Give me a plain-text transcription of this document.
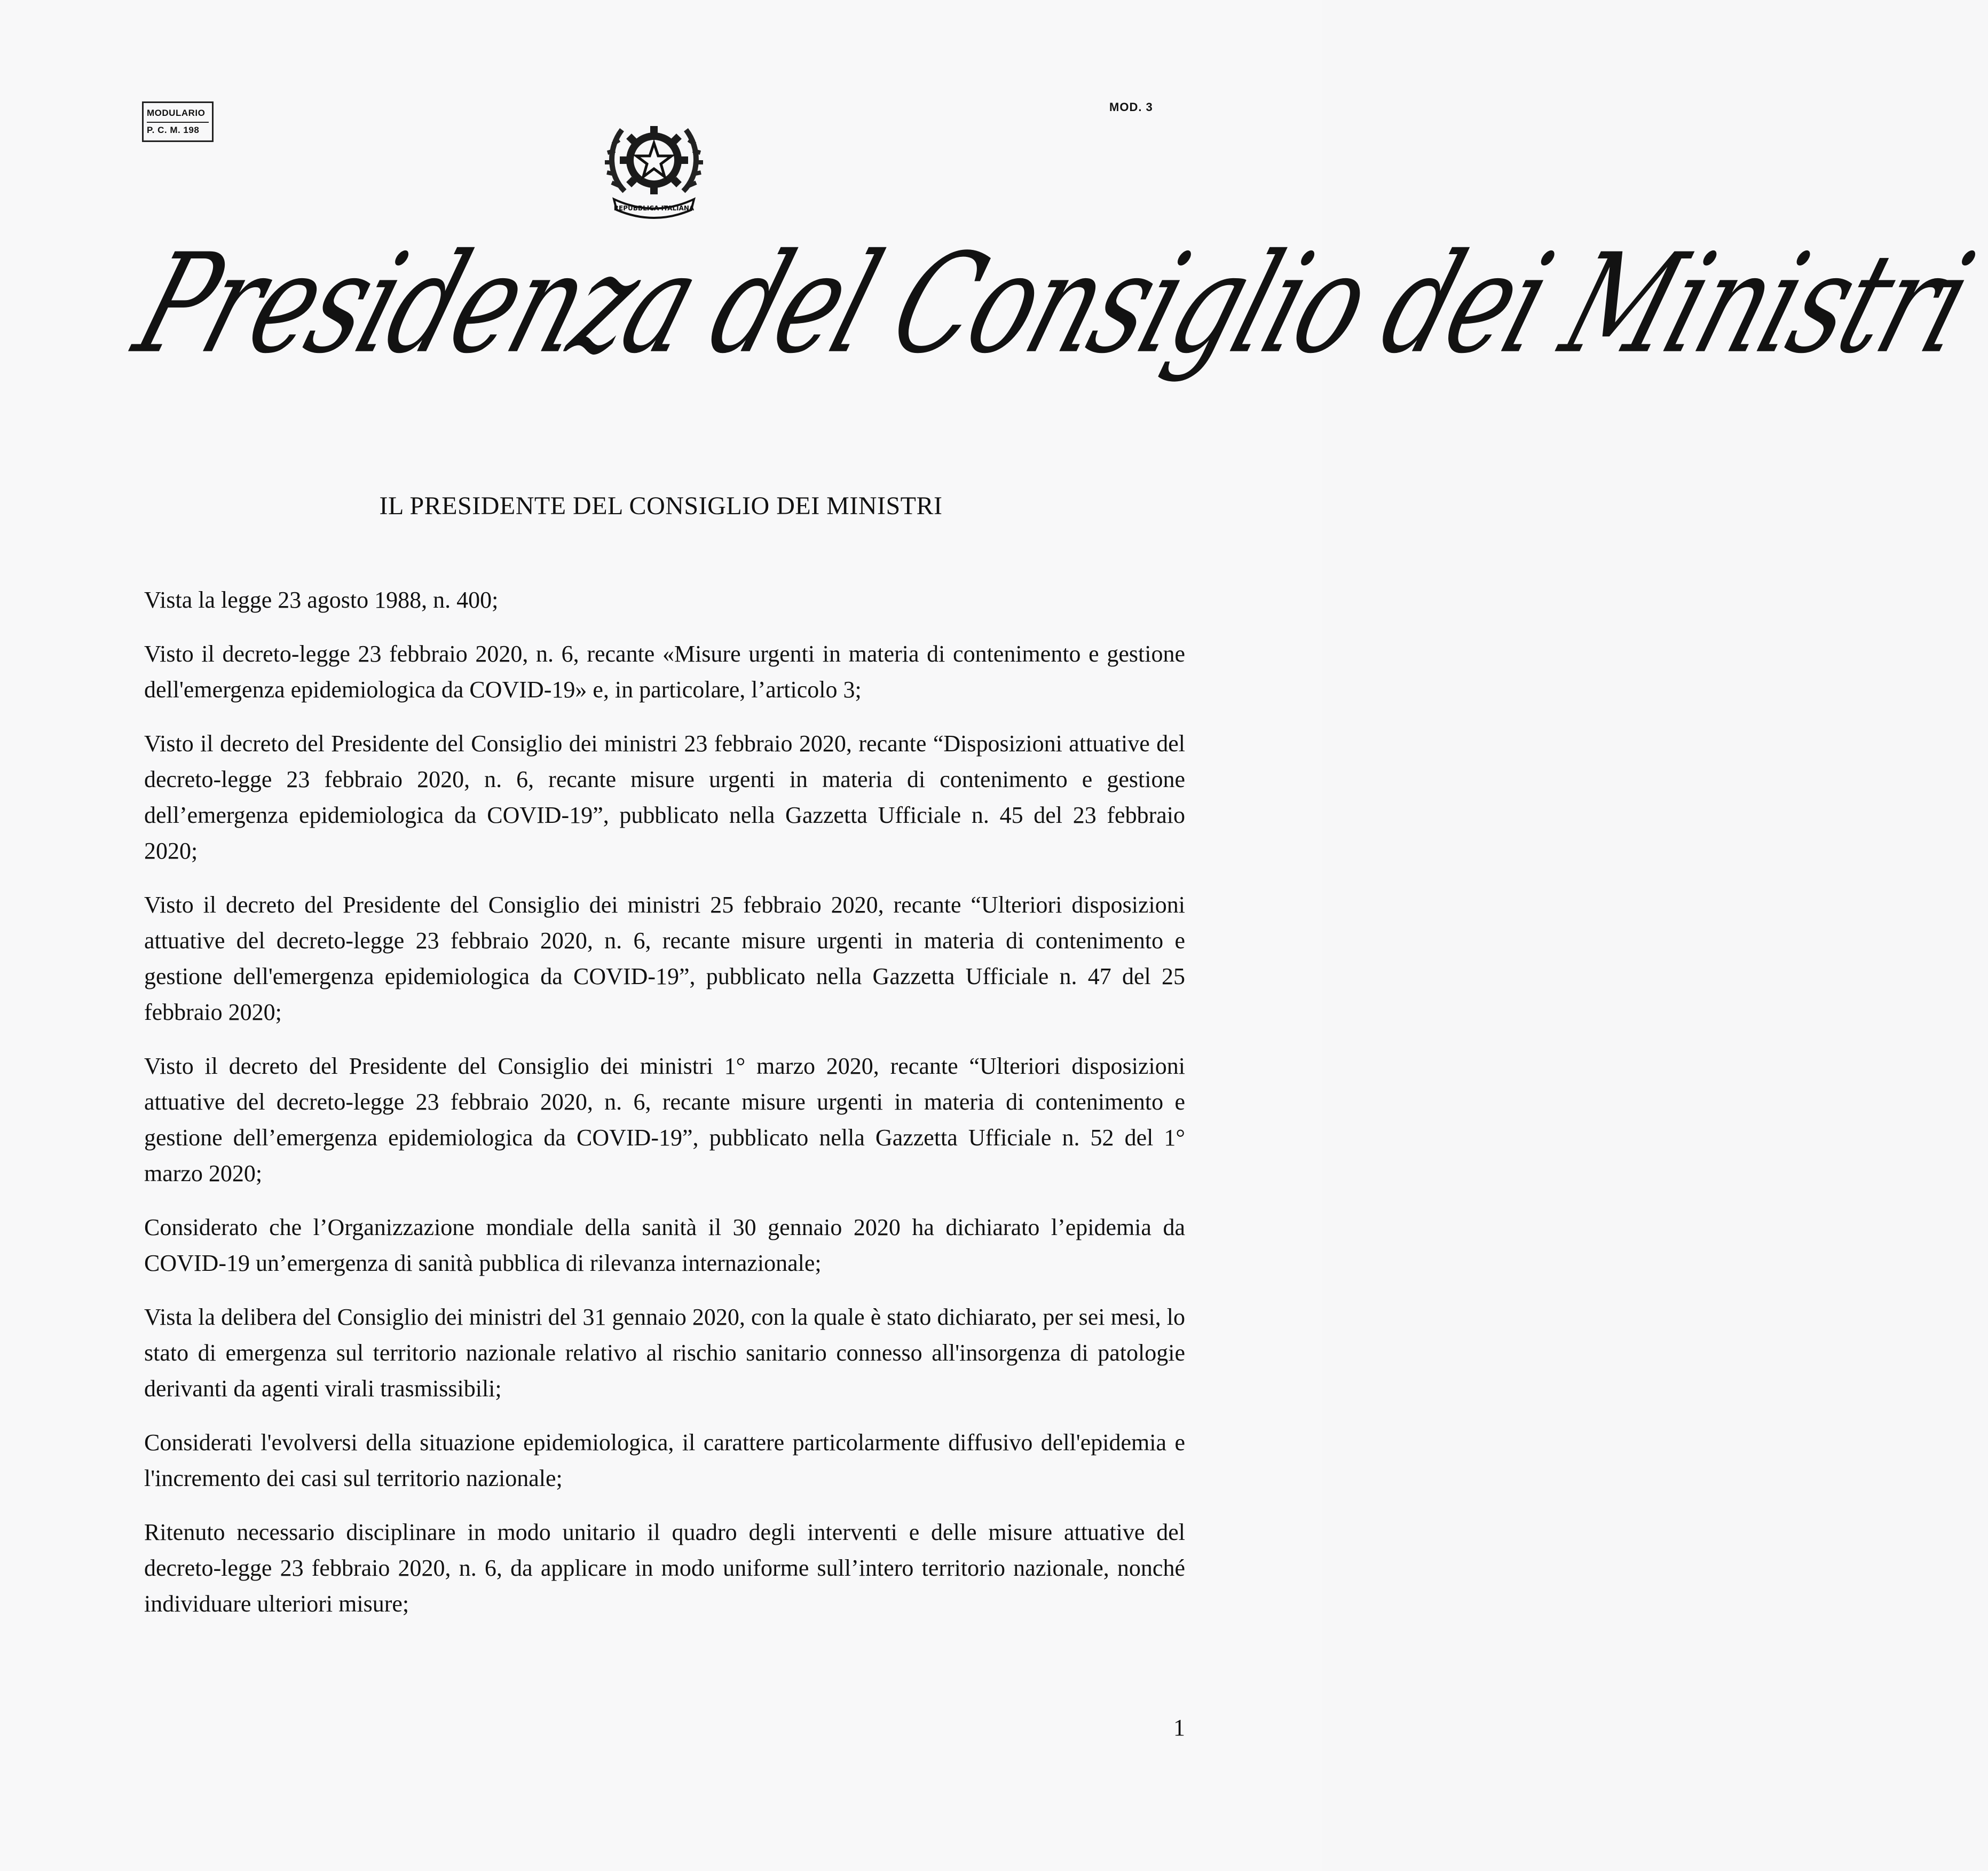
MODULARIO
P. C. M. 198
MOD. 3
REPUBBLICA ITALIANA
Presidenza del Consiglio dei Ministri
IL PRESIDENTE DEL CONSIGLIO DEI MINISTRI

Vista la legge 23 agosto 1988, n. 400;

Visto il decreto-legge 23 febbraio 2020, n. 6, recante «Misure urgenti in materia di contenimento e gestione dell'emergenza epidemiologica da COVID-19» e, in particolare, l’articolo 3;

Visto il decreto del Presidente del Consiglio dei ministri 23 febbraio 2020, recante “Disposizioni attuative del decreto-legge 23 febbraio 2020, n. 6, recante misure urgenti in materia di contenimento e gestione dell’emergenza epidemiologica da COVID-19”, pubblicato nella Gazzetta Ufficiale n. 45 del 23 febbraio 2020;

Visto il decreto del Presidente del Consiglio dei ministri 25 febbraio 2020, recante “Ulteriori disposizioni attuative del decreto-legge 23 febbraio 2020, n. 6, recante misure urgenti in materia di contenimento e gestione dell'emergenza epidemiologica da COVID-19”, pubblicato nella Gazzetta Ufficiale n. 47 del 25 febbraio 2020;

Visto il decreto del Presidente del Consiglio dei ministri 1° marzo 2020, recante “Ulteriori disposizioni attuative del decreto-legge 23 febbraio 2020, n. 6, recante misure urgenti in materia di contenimento e gestione dell’emergenza epidemiologica da COVID-19”, pubblicato nella Gazzetta Ufficiale n. 52 del 1° marzo 2020;

Considerato che l’Organizzazione mondiale della sanità il 30 gennaio 2020 ha dichiarato l’epidemia da COVID-19 un’emergenza di sanità pubblica di rilevanza internazionale;

Vista la delibera del Consiglio dei ministri del 31 gennaio 2020, con la quale è stato dichiarato, per sei mesi, lo stato di emergenza sul territorio nazionale relativo al rischio sanitario connesso all'insorgenza di patologie derivanti da agenti virali trasmissibili;

Considerati l'evolversi della situazione epidemiologica, il carattere particolarmente diffusivo dell'epidemia e l'incremento dei casi sul territorio nazionale;

Ritenuto necessario disciplinare in modo unitario il quadro degli interventi e delle misure attuative del decreto-legge 23 febbraio 2020, n. 6, da applicare in modo uniforme sull’intero territorio nazionale, nonché individuare ulteriori misure;

1
